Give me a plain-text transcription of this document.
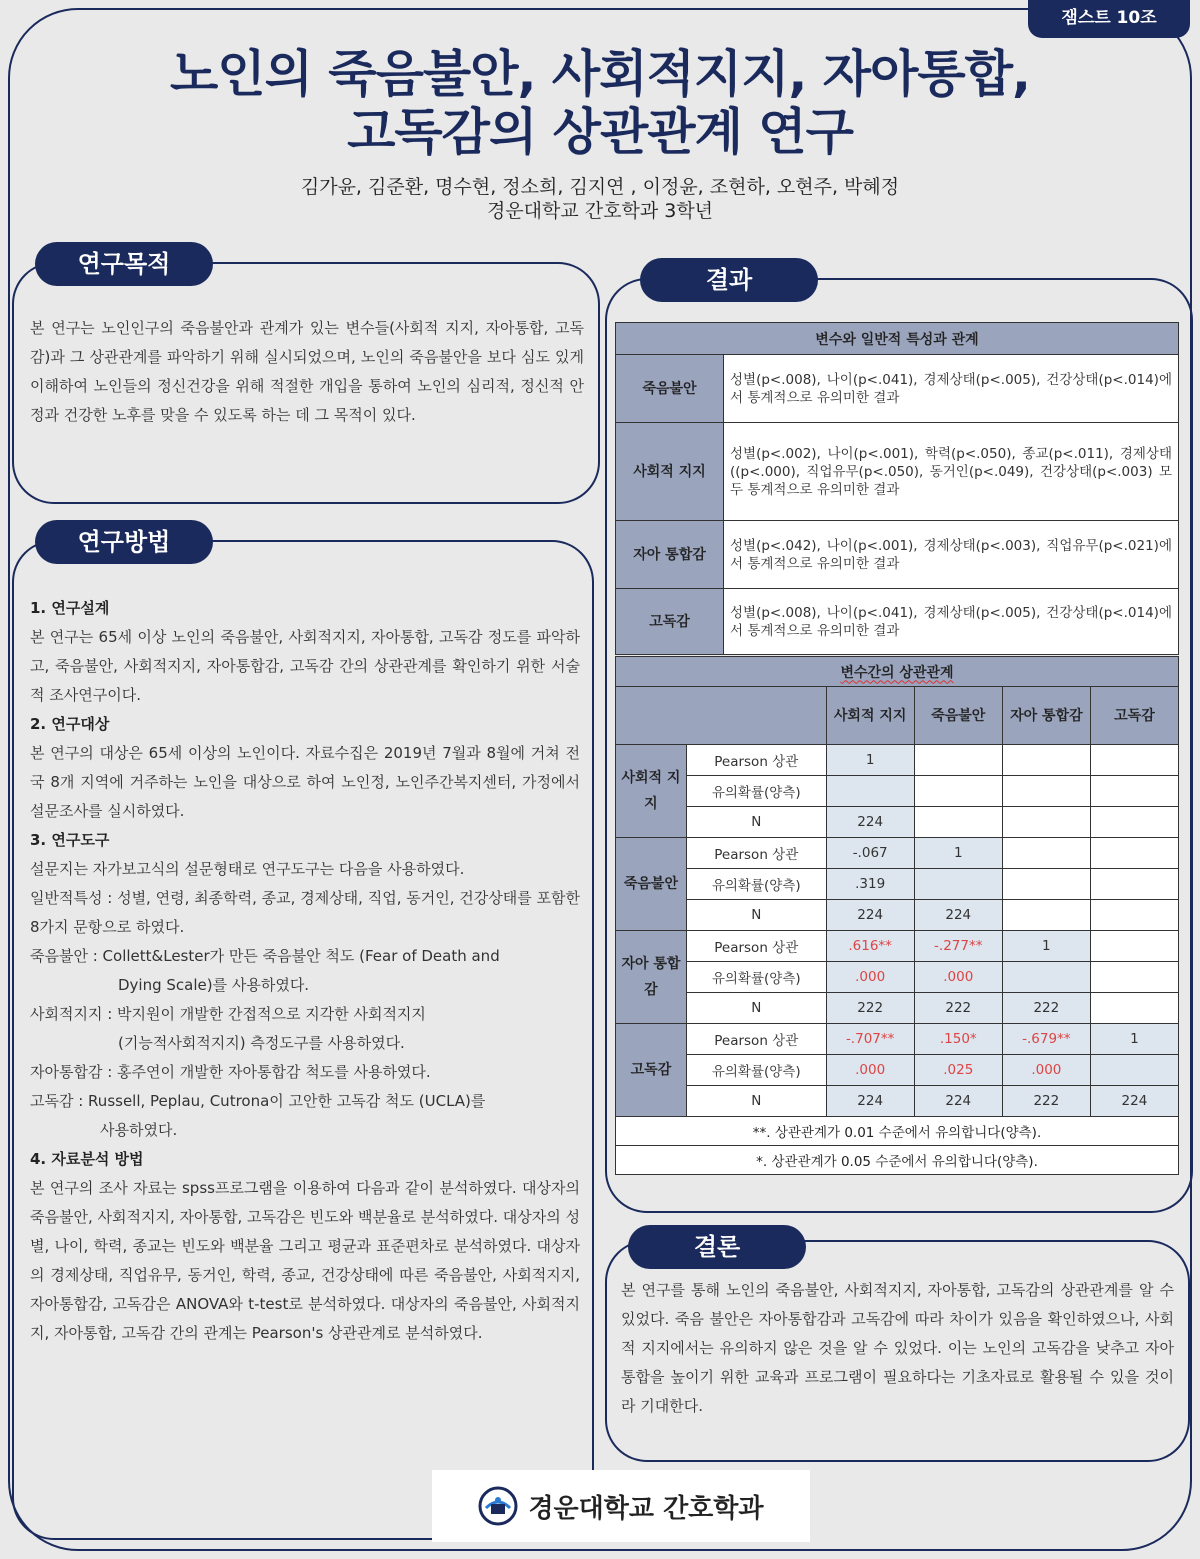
잼스트 10조
노인의 죽음불안, 사회적지지, 자아통합,
고독감의 상관관계 연구
김가윤, 김준환, 명수현, 정소희, 김지연 , 이정윤, 조현하, 오현주, 박혜정
경운대학교 간호학과 3학년

본 연구는 노인인구의 죽음불안과 관계가 있는 변수들(사회적 지지, 자아통합, 고독감)과 그 상관관계를 파악하기 위해 실시되었으며, 노인의 죽음불안을 보다 심도 있게 이해하여 노인들의 정신건강을 위해 적절한 개입을 통하여 노인의 심리적, 정신적 안정과 건강한 노후를 맞을 수 있도록 하는 데 그 목적이 있다.

연구목적
1. 연구설계

본 연구는 65세 이상 노인의 죽음불안, 사회적지지, 자아통합, 고독감 정도를 파악하고, 죽음불안, 사회적지지, 자아통합감, 고독감 간의 상관관계를 확인하기 위한 서술적 조사연구이다.

2. 연구대상

본 연구의 대상은 65세 이상의 노인이다. 자료수집은 2019년 7월과 8월에 거쳐 전국 8개 지역에 거주하는 노인을 대상으로 하여 노인정, 노인주간복지센터, 가정에서 설문조사를 실시하였다.

3. 연구도구

설문지는 자가보고식의 설문형태로 연구도구는 다음을 사용하였다.

일반적특성 : 성별, 연령, 최종학력, 종교, 경제상태, 직업, 동거인, 건강상태를 포함한 8가지 문항으로 하였다.

죽음불안 : Collett&Lester가 만든 죽음불안 척도 (Fear of Death and
Dying Scale)를 사용하였다.
사회적지지 : 박지원이 개발한 간접적으로 지각한 사회적지지
(기능적사회적지지) 측정도구를 사용하였다.

자아통합감 : 홍주연이 개발한 자아통합감 척도를 사용하였다.

고독감 : Russell, Peplau, Cutrona이 고안한 고독감 척도 (UCLA)를
사용하였다.
4. 자료분석 방법

본 연구의 조사 자료는 spss프로그램을 이용하여 다음과 같이 분석하였다. 대상자의 죽음불안, 사회적지지, 자아통합, 고독감은 빈도와 백분율로 분석하였다. 대상자의 성별, 나이, 학력, 종교는 빈도와 백분율 그리고 평균과 표준편차로 분석하였다. 대상자의 경제상태, 직업유무, 동거인, 학력, 종교, 건강상태에 따른 죽음불안, 사회적지지, 자아통합감, 고독감은 ANOVA와 t-test로 분석하였다. 대상자의 죽음불안, 사회적지지, 자아통합, 고독감 간의 관계는 Pearson's 상관관계로 분석하였다.

연구방법
결과
변수와 일반적 특성과 관계	
죽음불안	성별(p<.008), 나이(p<.041), 경제상태(p<.005), 건강상태(p<.014)에서 통계적으로 유의미한 결과
사회적 지지	성별(p<.002), 나이(p<.001), 학력(p<.050), 종교(p<.011), 경제상태((p<.000), 직업유무(p<.050), 동거인(p<.049), 건강상태(p<.003) 모두 통계적으로 유의미한 결과
자아 통합감	성별(p<.042), 나이(p<.001), 경제상태(p<.003), 직업유무(p<.021)에서 통계적으로 유의미한 결과
고독감	성별(p<.008), 나이(p<.041), 경제상태(p<.005), 건강상태(p<.014)에서 통계적으로 유의미한 결과
변수간의 상관관계					
		사회적 지지	죽음불안	자아 통합감	고독감
사회적 지지	Pearson 상관	1			
	유의확률(양측)				
	N	224			
죽음불안	Pearson 상관	-.067	1		
	유의확률(양측)	.319			
	N	224	224		
자아 통합감	Pearson 상관	.616**	-.277**	1	
	유의확률(양측)	.000	.000		
	N	222	222	222	
고독감	Pearson 상관	-.707**	.150*	-.679**	1
	유의확률(양측)	.000	.025	.000	
	N	224	224	222	224
**. 상관관계가 0.01 수준에서 유의합니다(양측).					
*. 상관관계가 0.05 수준에서 유의합니다(양측).					

본 연구를 통해 노인의 죽음불안, 사회적지지, 자아통합, 고독감의 상관관계를 알 수 있었다. 죽음 불안은 자아통합감과 고독감에 따라 차이가 있음을 확인하였으나, 사회적 지지에서는 유의하지 않은 것을 알 수 있었다. 이는 노인의 고독감을 낮추고 자아 통합을 높이기 위한 교육과 프로그램이 필요하다는 기초자료로 활용될 수 있을 것이라 기대한다.

결론
경운대학교 간호학과
